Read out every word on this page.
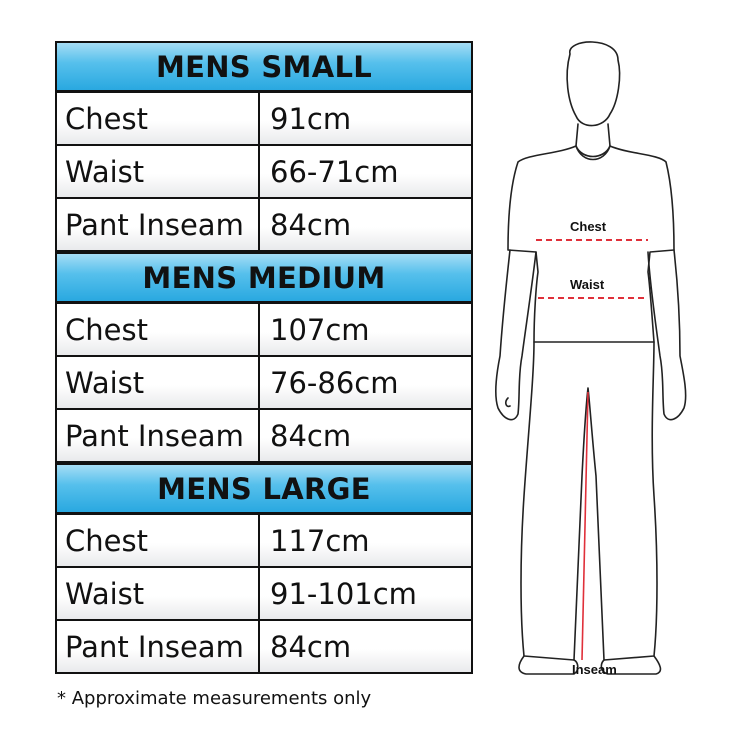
MENS SMALL
Chest	91cm
Waist	66-71cm
Pant Inseam 84cm
MENS MEDIUM
Chest	107cm
Waist	76-86cm
Pant Inseam 84cm
MENS LARGE
Chest	117cm
Waist	91-101cm
Pant Inseam 84cm
* Approximate measurements only
Chest
Waist
Inseam
